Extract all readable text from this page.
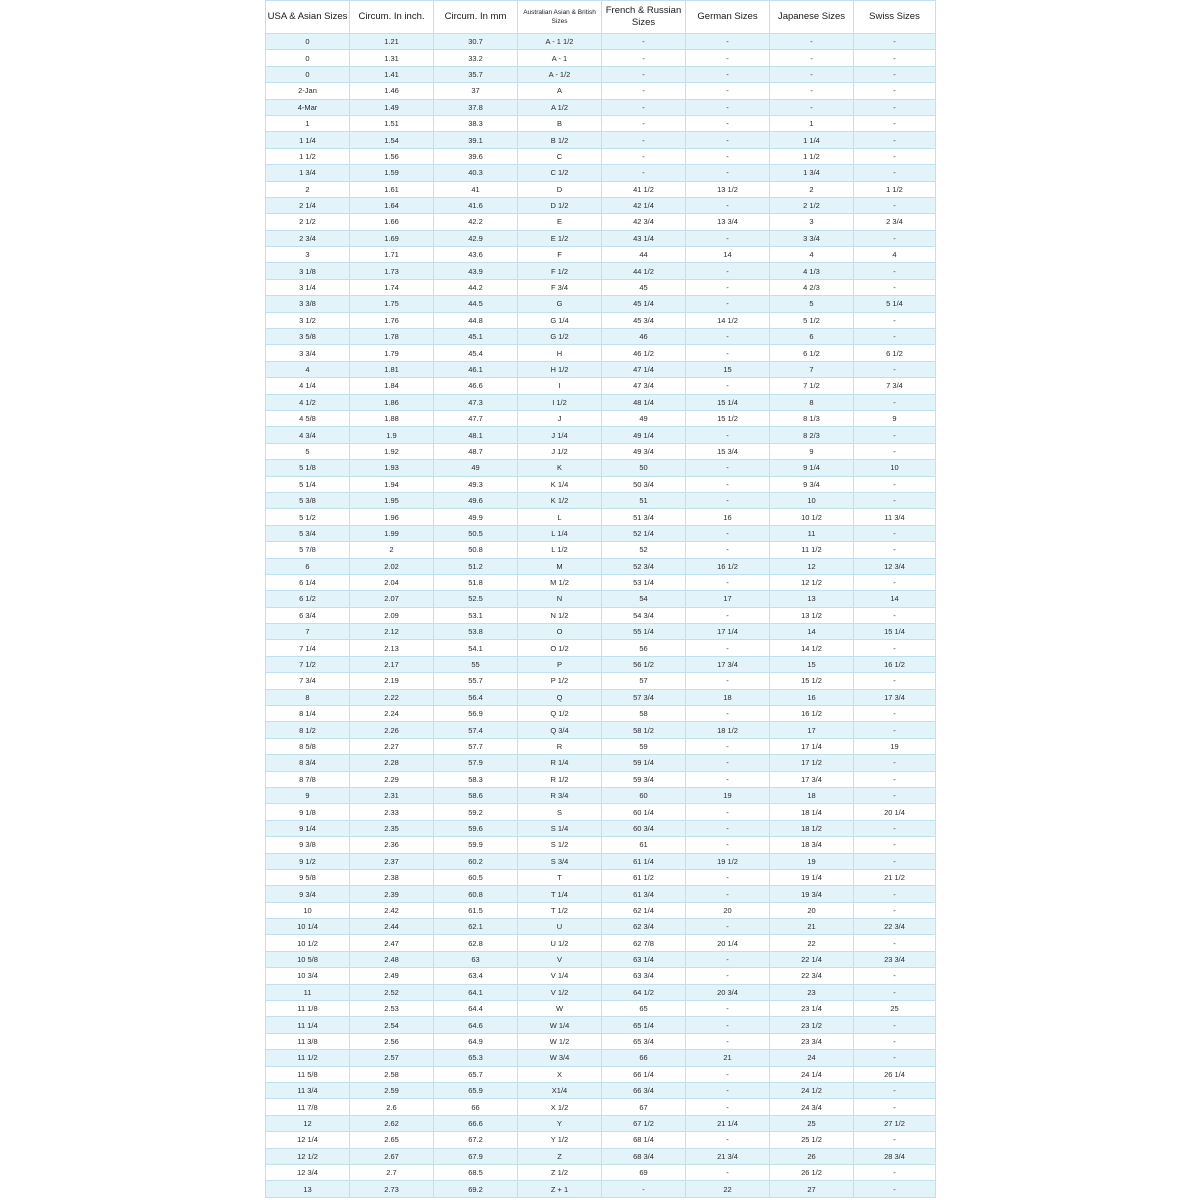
USA & Asian Sizes	Circum. In inch.	Circum. In mm	Australian Asian & British Sizes	French & Russian Sizes	German Sizes	Japanese Sizes	Swiss Sizes
0	1.21	30.7	A - 1 1/2	-	-	-	-
0	1.31	33.2	A - 1	-	-	-	-
0	1.41	35.7	A - 1/2	-	-	-	-
2-Jan	1.46	37	A	-	-	-	-
4-Mar	1.49	37.8	A 1/2	-	-	-	-
1	1.51	38.3	B	-	-	1	-
1 1/4	1.54	39.1	B 1/2	-	-	1 1/4	-
1 1/2	1.56	39.6	C	-	-	1 1/2	-
1 3/4	1.59	40.3	C 1/2	-	-	1 3/4	-
2	1.61	41	D	41 1/2	13 1/2	2	1 1/2
2 1/4	1.64	41.6	D 1/2	42 1/4	-	2 1/2	-
2 1/2	1.66	42.2	E	42 3/4	13 3/4	3	2 3/4
2 3/4	1.69	42.9	E 1/2	43 1/4	-	3 3/4	-
3	1.71	43.6	F	44	14	4	4
3 1/8	1.73	43.9	F 1/2	44 1/2	-	4 1/3	-
3 1/4	1.74	44.2	F 3/4	45	-	4 2/3	-
3 3/8	1.75	44.5	G	45 1/4	-	5	5 1/4
3 1/2	1.76	44.8	G 1/4	45 3/4	14 1/2	5 1/2	-
3 5/8	1.78	45.1	G 1/2	46	-	6	-
3 3/4	1.79	45.4	H	46 1/2	-	6 1/2	6 1/2
4	1.81	46.1	H 1/2	47 1/4	15	7	-
4 1/4	1.84	46.6	I	47 3/4	-	7 1/2	7 3/4
4 1/2	1.86	47.3	I 1/2	48 1/4	15 1/4	8	-
4 5/8	1.88	47.7	J	49	15 1/2	8 1/3	9
4 3/4	1.9	48.1	J 1/4	49 1/4	-	8 2/3	-
5	1.92	48.7	J 1/2	49 3/4	15 3/4	9	-
5 1/8	1.93	49	K	50	-	9 1/4	10
5 1/4	1.94	49.3	K 1/4	50 3/4	-	9 3/4	-
5 3/8	1.95	49.6	K 1/2	51	-	10	-
5 1/2	1.96	49.9	L	51 3/4	16	10 1/2	11 3/4
5 3/4	1.99	50.5	L 1/4	52 1/4	-	11	-
5 7/8	2	50.8	L 1/2	52	-	11 1/2	-
6	2.02	51.2	M	52 3/4	16 1/2	12	12 3/4
6 1/4	2.04	51.8	M 1/2	53 1/4	-	12 1/2	-
6 1/2	2.07	52.5	N	54	17	13	14
6 3/4	2.09	53.1	N 1/2	54 3/4	-	13 1/2	-
7	2.12	53.8	O	55 1/4	17 1/4	14	15 1/4
7 1/4	2.13	54.1	O 1/2	56	-	14 1/2	-
7 1/2	2.17	55	P	56 1/2	17 3/4	15	16 1/2
7 3/4	2.19	55.7	P 1/2	57	-	15 1/2	-
8	2.22	56.4	Q	57 3/4	18	16	17 3/4
8 1/4	2.24	56.9	Q 1/2	58	-	16 1/2	-
8 1/2	2.26	57.4	Q 3/4	58 1/2	18 1/2	17	-
8 5/8	2.27	57.7	R	59	-	17 1/4	19
8 3/4	2.28	57.9	R 1/4	59 1/4	-	17 1/2	-
8 7/8	2.29	58.3	R 1/2	59 3/4	-	17 3/4	-
9	2.31	58.6	R 3/4	60	19	18	-
9 1/8	2.33	59.2	S	60 1/4	-	18 1/4	20 1/4
9 1/4	2.35	59.6	S 1/4	60 3/4	-	18 1/2	-
9 3/8	2.36	59.9	S 1/2	61	-	18 3/4	-
9 1/2	2.37	60.2	S 3/4	61 1/4	19 1/2	19	-
9 5/8	2.38	60.5	T	61 1/2	-	19 1/4	21 1/2
9 3/4	2.39	60.8	T 1/4	61 3/4	-	19 3/4	-
10	2.42	61.5	T 1/2	62 1/4	20	20	-
10 1/4	2.44	62.1	U	62 3/4	-	21	22 3/4
10 1/2	2.47	62.8	U 1/2	62 7/8	20 1/4	22	-
10 5/8	2.48	63	V	63 1/4	-	22 1/4	23 3/4
10 3/4	2.49	63.4	V 1/4	63 3/4	-	22 3/4	-
11	2.52	64.1	V 1/2	64 1/2	20 3/4	23	-
11 1/8	2.53	64.4	W	65	-	23 1/4	25
11 1/4	2.54	64.6	W 1/4	65 1/4	-	23 1/2	-
11 3/8	2.56	64.9	W 1/2	65 3/4	-	23 3/4	-
11 1/2	2.57	65.3	W 3/4	66	21	24	-
11 5/8	2.58	65.7	X	66 1/4	-	24 1/4	26 1/4
11 3/4	2.59	65.9	X1/4	66 3/4	-	24 1/2	-
11 7/8	2.6	66	X 1/2	67	-	24 3/4	-
12	2.62	66.6	Y	67 1/2	21 1/4	25	27 1/2
12 1/4	2.65	67.2	Y 1/2	68 1/4	-	25 1/2	-
12 1/2	2.67	67.9	Z	68 3/4	21 3/4	26	28 3/4
12 3/4	2.7	68.5	Z 1/2	69	-	26 1/2	-
13	2.73	69.2	Z + 1	-	22	27	-
